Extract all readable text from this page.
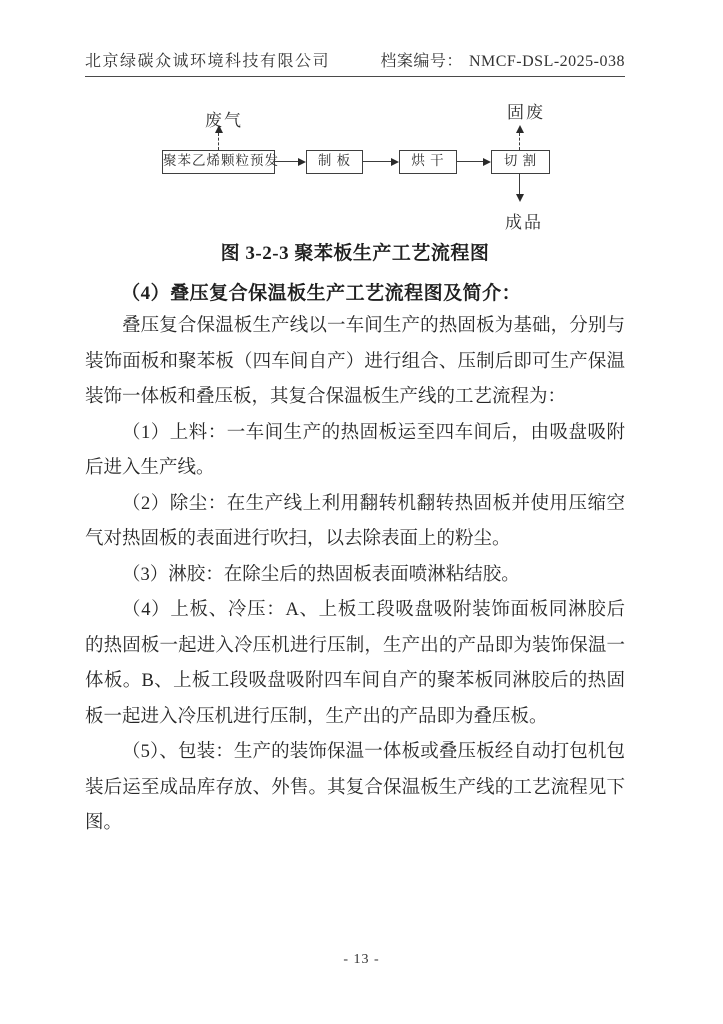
北京绿碳众诚环境科技有限公司	档案编号： NMCF-DSL-2025-038
废气
聚苯乙烯颗粒预发	制 板	烘 干	切 割
固废
成品
图 3-2-3 聚苯板生产工艺流程图
（4）叠压复合保温板生产工艺流程图及简介：

叠压复合保温板生产线以一车间生产的热固板为基础，分别与装饰面板和聚苯板（四车间自产）进行组合、压制后即可生产保温装饰一体板和叠压板，其复合保温板生产线的工艺流程为：

（1）上料：一车间生产的热固板运至四车间后，由吸盘吸附后进入生产线。

（2）除尘：在生产线上利用翻转机翻转热固板并使用压缩空气对热固板的表面进行吹扫，以去除表面上的粉尘。

（3）淋胶：在除尘后的热固板表面喷淋粘结胶。

（4）上板、冷压：A、上板工段吸盘吸附装饰面板同淋胶后的热固板一起进入冷压机进行压制，生产出的产品即为装饰保温一体板。B、上板工段吸盘吸附四车间自产的聚苯板同淋胶后的热固板一起进入冷压机进行压制，生产出的产品即为叠压板。

（5）、包装：生产的装饰保温一体板或叠压板经自动打包机包装后运至成品库存放、外售。其复合保温板生产线的工艺流程见下图。

- 13 -
